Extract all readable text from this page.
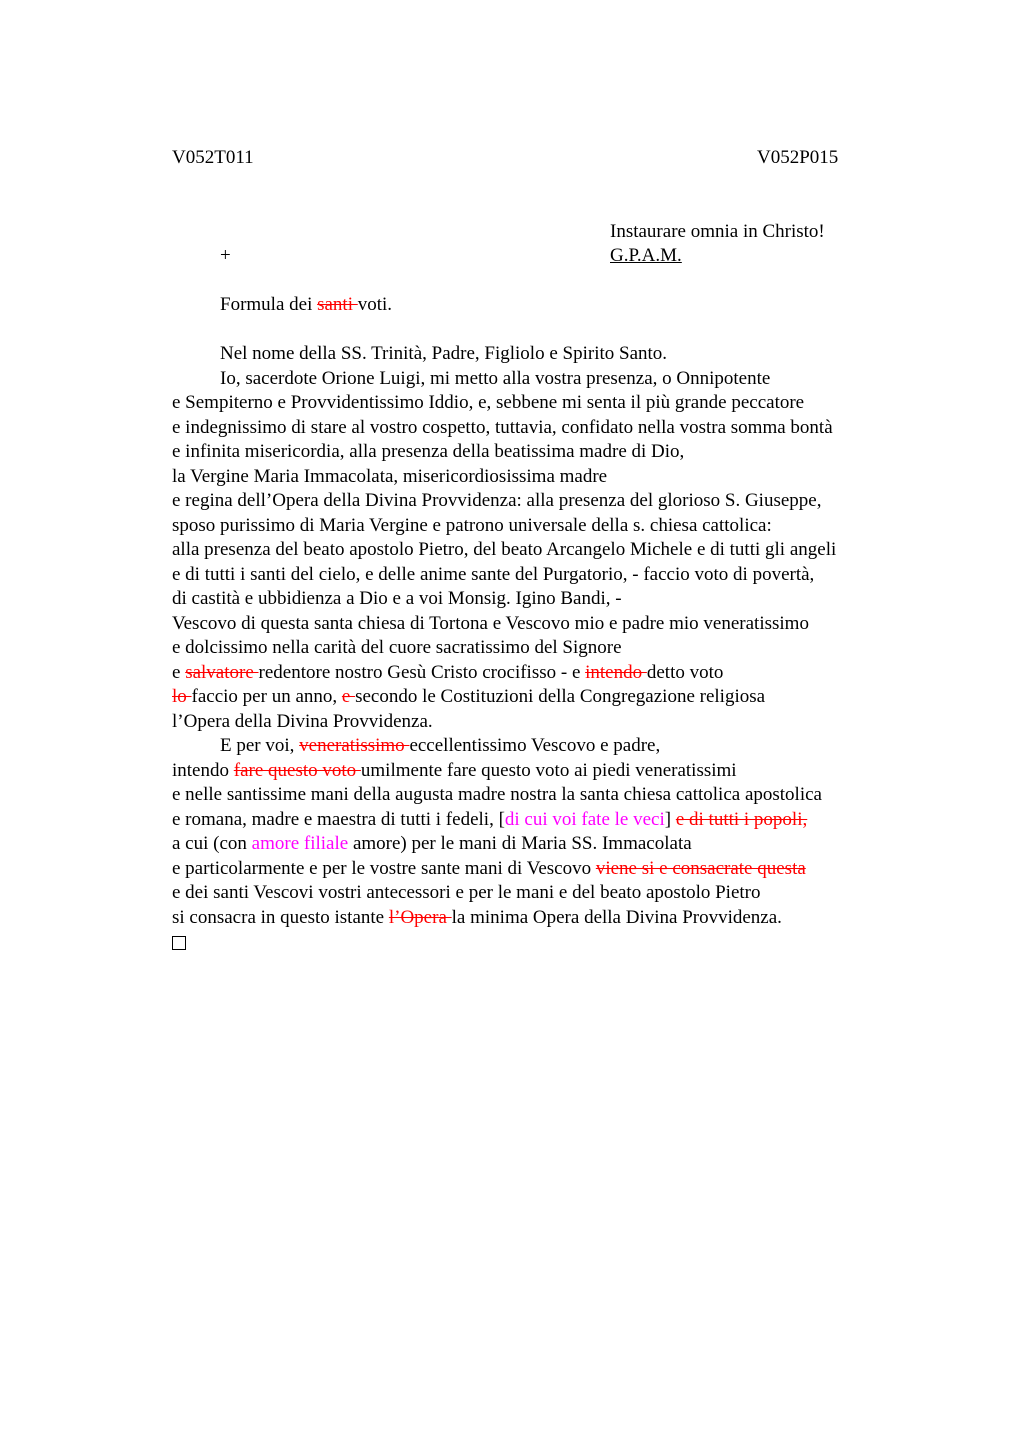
V052T011	V052P015
Instaurare omnia in Christo!
G.P.A.M.
+
Formula dei santi voti.
Nel nome della SS. Trinità, Padre, Figliolo e Spirito Santo.
Io, sacerdote Orione Luigi, mi metto alla vostra presenza, o Onnipotente
e Sempiterno e Provvidentissimo Iddio, e, sebbene mi senta il più grande peccatore
e indegnissimo di stare al vostro cospetto, tuttavia, confidato nella vostra somma bontà
e infinita misericordia, alla presenza della beatissima madre di Dio,
la Vergine Maria Immacolata, misericordiosissima madre
e regina dell’Opera della Divina Provvidenza: alla presenza del glorioso S. Giuseppe,
sposo purissimo di Maria Vergine e patrono universale della s. chiesa cattolica:
alla presenza del beato apostolo Pietro, del beato Arcangelo Michele e di tutti gli angeli
e di tutti i santi del cielo, e delle anime sante del Purgatorio, - faccio voto di povertà,
di castità e ubbidienza a Dio e a voi Monsig. Igino Bandi, -
Vescovo di questa santa chiesa di Tortona e Vescovo mio e padre mio veneratissimo
e dolcissimo nella carità del cuore sacratissimo del Signore
e salvatore redentore nostro Gesù Cristo crocifisso - e intendo detto voto
lo faccio per un anno, e secondo le Costituzioni della Congregazione religiosa
l’Opera della Divina Provvidenza.
E per voi, veneratissimo eccellentissimo Vescovo e padre,
intendo fare questo voto umilmente fare questo voto ai piedi veneratissimi
e nelle santissime mani della augusta madre nostra la santa chiesa cattolica apostolica
e romana, madre e maestra di tutti i fedeli, [di cui voi fate le veci] e di tutti i popoli,
a cui (con amore filiale amore) per le mani di Maria SS. Immacolata
e particolarmente e per le vostre sante mani di Vescovo viene si e consacrate questa
e dei santi Vescovi vostri antecessori e per le mani e del beato apostolo Pietro
si consacra in questo istante l’Opera la minima Opera della Divina Provvidenza.
